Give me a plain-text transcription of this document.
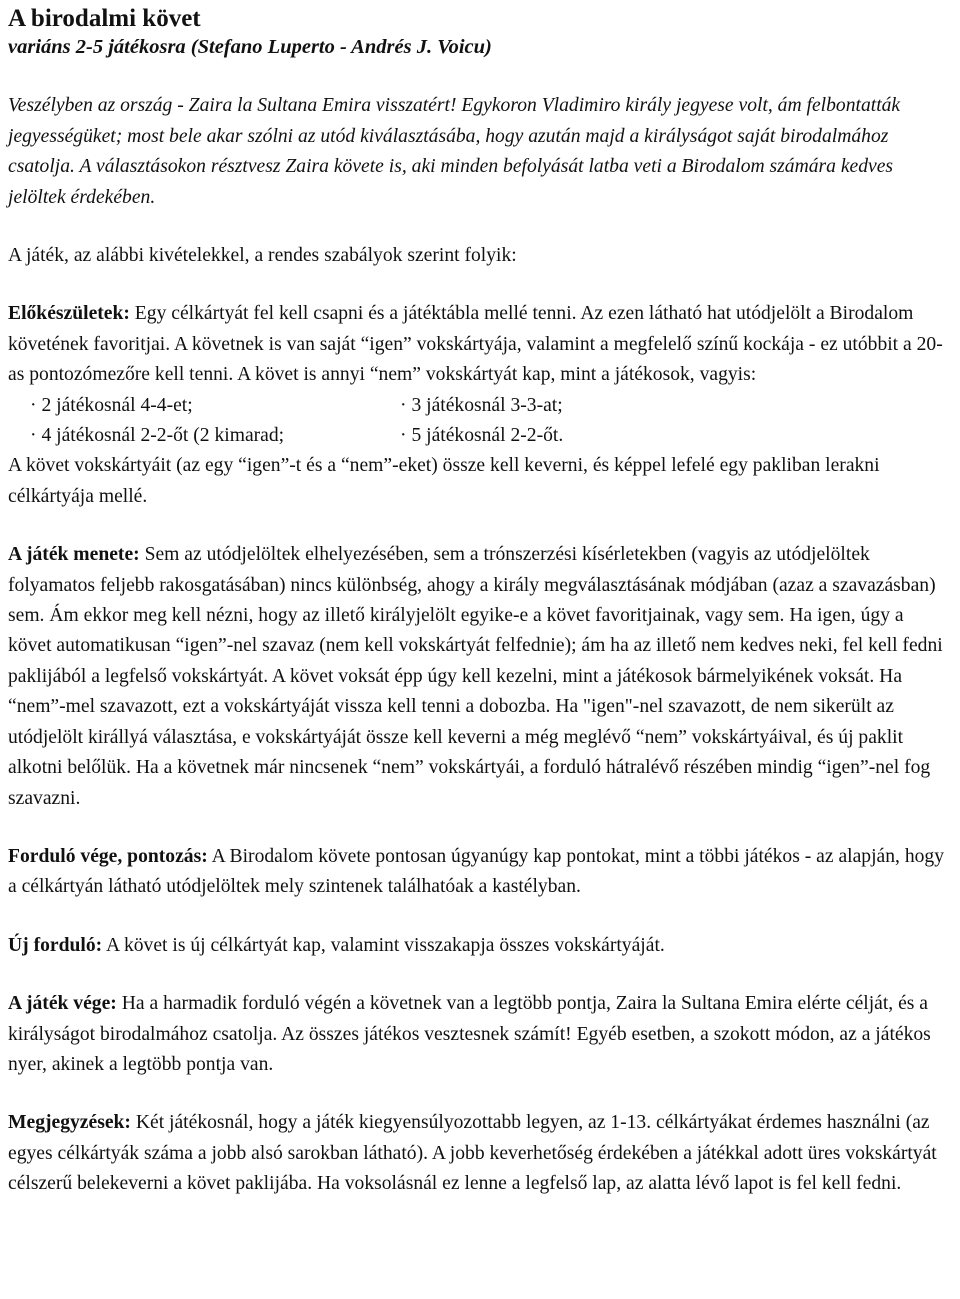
A birodalmi követ
variáns 2-5 játékosra (Stefano Luperto - Andrés J. Voicu)
Veszélyben az ország - Zaira la Sultana Emira visszatért! Egykoron Vladimiro király jegyese volt, ám felbontatták jegyességüket; most bele akar szólni az utód kiválasztásába, hogy azután majd a királyságot saját birodalmához csatolja. A választásokon résztvesz Zaira követe is, aki minden befolyását latba veti a Birodalom számára kedves jelöltek érdekében.

A játék, az alábbi kivételekkel, a rendes szabályok szerint folyik:

Előkészületek: Egy célkártyát fel kell csapni és a játéktábla mellé tenni. Az ezen látható hat utódjelölt a Birodalom követének favoritjai. A követnek is van saját “igen” vokskártyája, valamint a megfelelő színű kockája - ez utóbbit a 20-as pontozómezőre kell tenni. A követ is annyi “nem” vokskártyát kap, mint a játékosok, vagyis:

· 2 játékosnál 4-4-et;	· 3 játékosnál 3-3-at;
· 4 játékosnál 2-2-őt (2 kimarad;	· 5 játékosnál 2-2-őt.

A követ vokskártyáit (az egy “igen”-t és a “nem”-eket) össze kell keverni, és képpel lefelé egy pakliban lerakni célkártyája mellé.

A játék menete: Sem az utódjelöltek elhelyezésében, sem a trónszerzési kísérletekben (vagyis az utódjelöltek folyamatos feljebb rakosgatásában) nincs különbség, ahogy a király megválasztásának módjában (azaz a szavazásban) sem. Ám ekkor meg kell nézni, hogy az illető királyjelölt egyike-e a követ favoritjainak, vagy sem. Ha igen, úgy a követ automatikusan “igen”-nel szavaz (nem kell vokskártyát felfednie); ám ha az illető nem kedves neki, fel kell fedni paklijából a legfelső vokskártyát. A követ voksát épp úgy kell kezelni, mint a játékosok bármelyikének voksát. Ha “nem”-mel szavazott, ezt a vokskártyáját vissza kell tenni a dobozba. Ha "igen"-nel szavazott, de nem sikerült az utódjelölt királlyá választása, e vokskártyáját össze kell keverni a még meglévő “nem” vokskártyáival, és új paklit alkotni belőlük. Ha a követnek már nincsenek “nem” vokskártyái, a forduló hátralévő részében mindig “igen”-nel fog szavazni.

Forduló vége, pontozás: A Birodalom követe pontosan úgyanúgy kap pontokat, mint a többi játékos - az alapján, hogy a célkártyán látható utódjelöltek mely szintenek találhatóak a kastélyban.

Új forduló: A követ is új célkártyát kap, valamint visszakapja összes vokskártyáját.

A játék vége: Ha a harmadik forduló végén a követnek van a legtöbb pontja, Zaira la Sultana Emira elérte célját, és a királyságot birodalmához csatolja. Az összes játékos vesztesnek számít! Egyéb esetben, a szokott módon, az a játékos nyer, akinek a legtöbb pontja van.

Megjegyzések: Két játékosnál, hogy a játék kiegyensúlyozottabb legyen, az 1-13. célkártyákat érdemes használni (az egyes célkártyák száma a jobb alsó sarokban látható). A jobb keverhetőség érdekében a játékkal adott üres vokskártyát célszerű belekeverni a követ paklijába. Ha voksolásnál ez lenne a legfelső lap, az alatta lévő lapot is fel kell fedni.
